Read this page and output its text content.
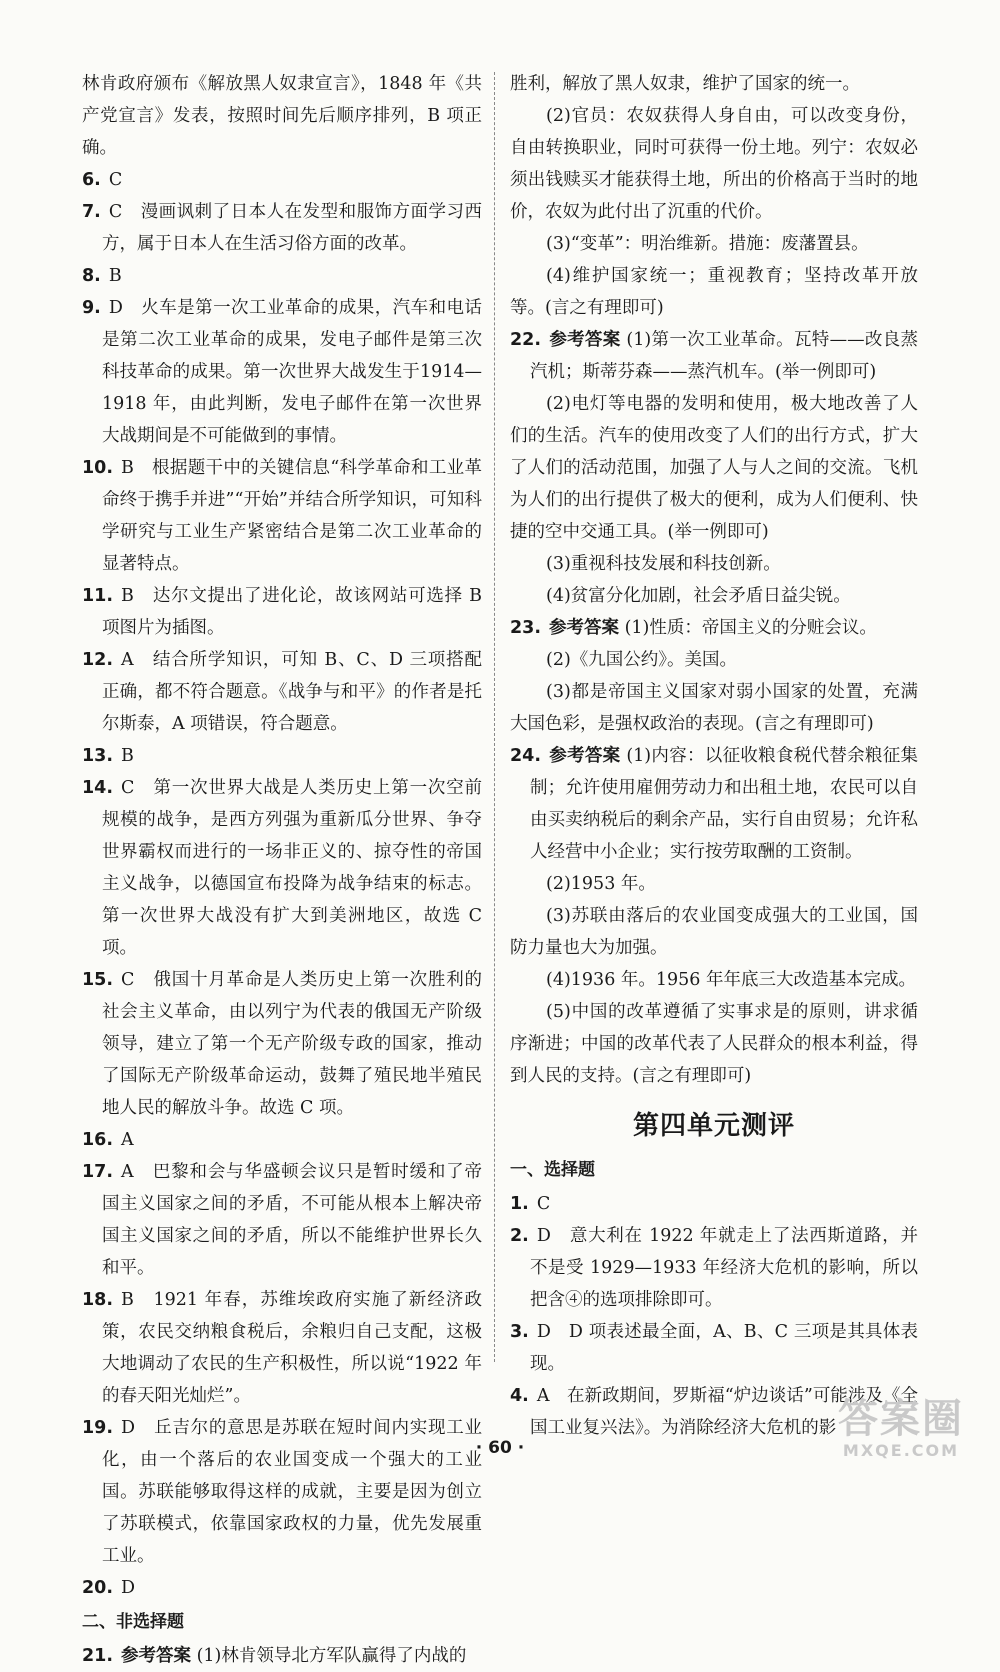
林肯政府颁布《解放黑人奴隶宣言》，1848 年《共产党宣言》发表，按照时间先后顺序排列，B 项正确。
6. C
7. C　漫画讽刺了日本人在发型和服饰方面学习西方，属于日本人在生活习俗方面的改革。
8. B
9. D　火车是第一次工业革命的成果，汽车和电话是第二次工业革命的成果，发电子邮件是第三次科技革命的成果。第一次世界大战发生于1914—1918 年，由此判断，发电子邮件在第一次世界大战期间是不可能做到的事情。
10. B　根据题干中的关键信息“科学革命和工业革命终于携手并进”“开始”并结合所学知识，可知科学研究与工业生产紧密结合是第二次工业革命的显著特点。
11. B　达尔文提出了进化论，故该网站可选择 B 项图片为插图。
12. A　结合所学知识，可知 B、C、D 三项搭配正确，都不符合题意。《战争与和平》的作者是托尔斯泰，A 项错误，符合题意。
13. B
14. C　第一次世界大战是人类历史上第一次空前规模的战争，是西方列强为重新瓜分世界、争夺世界霸权而进行的一场非正义的、掠夺性的帝国主义战争，以德国宣布投降为战争结束的标志。第一次世界大战没有扩大到美洲地区，故选 C 项。
15. C　俄国十月革命是人类历史上第一次胜利的社会主义革命，由以列宁为代表的俄国无产阶级领导，建立了第一个无产阶级专政的国家，推动了国际无产阶级革命运动，鼓舞了殖民地半殖民地人民的解放斗争。故选 C 项。
16. A
17. A　巴黎和会与华盛顿会议只是暂时缓和了帝国主义国家之间的矛盾，不可能从根本上解决帝国主义国家之间的矛盾，所以不能维护世界长久和平。
18. B　1921 年春，苏维埃政府实施了新经济政策，农民交纳粮食税后，余粮归自己支配，这极大地调动了农民的生产积极性，所以说“1922 年的春天阳光灿烂”。
19. D　丘吉尔的意思是苏联在短时间内实现工业化，由一个落后的农业国变成一个强大的工业国。苏联能够取得这样的成就，主要是因为创立了苏联模式，依靠国家政权的力量，优先发展重工业。
20. D
二、非选择题
21. 参考答案 (1)林肯领导北方军队赢得了内战的
胜利，解放了黑人奴隶，维护了国家的统一。
(2)官员：农奴获得人身自由，可以改变身份，自由转换职业，同时可获得一份土地。列宁：农奴必须出钱赎买才能获得土地，所出的价格高于当时的地价，农奴为此付出了沉重的代价。
(3)“变革”：明治维新。措施：废藩置县。
(4)维护国家统一；重视教育；坚持改革开放等。(言之有理即可)
22. 参考答案 (1)第一次工业革命。瓦特——改良蒸汽机；斯蒂芬森——蒸汽机车。(举一例即可)
(2)电灯等电器的发明和使用，极大地改善了人们的生活。汽车的使用改变了人们的出行方式，扩大了人们的活动范围，加强了人与人之间的交流。飞机为人们的出行提供了极大的便利，成为人们便利、快捷的空中交通工具。(举一例即可)
(3)重视科技发展和科技创新。
(4)贫富分化加剧，社会矛盾日益尖锐。
23. 参考答案 (1)性质：帝国主义的分赃会议。
(2)《九国公约》。美国。
(3)都是帝国主义国家对弱小国家的处置，充满大国色彩，是强权政治的表现。(言之有理即可)
24. 参考答案 (1)内容：以征收粮食税代替余粮征集制；允许使用雇佣劳动力和出租土地，农民可以自由买卖纳税后的剩余产品，实行自由贸易；允许私人经营中小企业；实行按劳取酬的工资制。
(2)1953 年。
(3)苏联由落后的农业国变成强大的工业国，国防力量也大为加强。
(4)1936 年。1956 年年底三大改造基本完成。
(5)中国的改革遵循了实事求是的原则，讲求循序渐进；中国的改革代表了人民群众的根本利益，得到人民的支持。(言之有理即可)
第四单元测评
一、选择题
1. C
2. D　意大利在 1922 年就走上了法西斯道路，并不是受 1929—1933 年经济大危机的影响，所以把含④的选项排除即可。
3. D　D 项表述最全面，A、B、C 三项是其具体表现。
4. A　在新政期间，罗斯福“炉边谈话”可能涉及《全国工业复兴法》。为消除经济大危机的影
· 60 ·
答案圈
MXQE.COM
